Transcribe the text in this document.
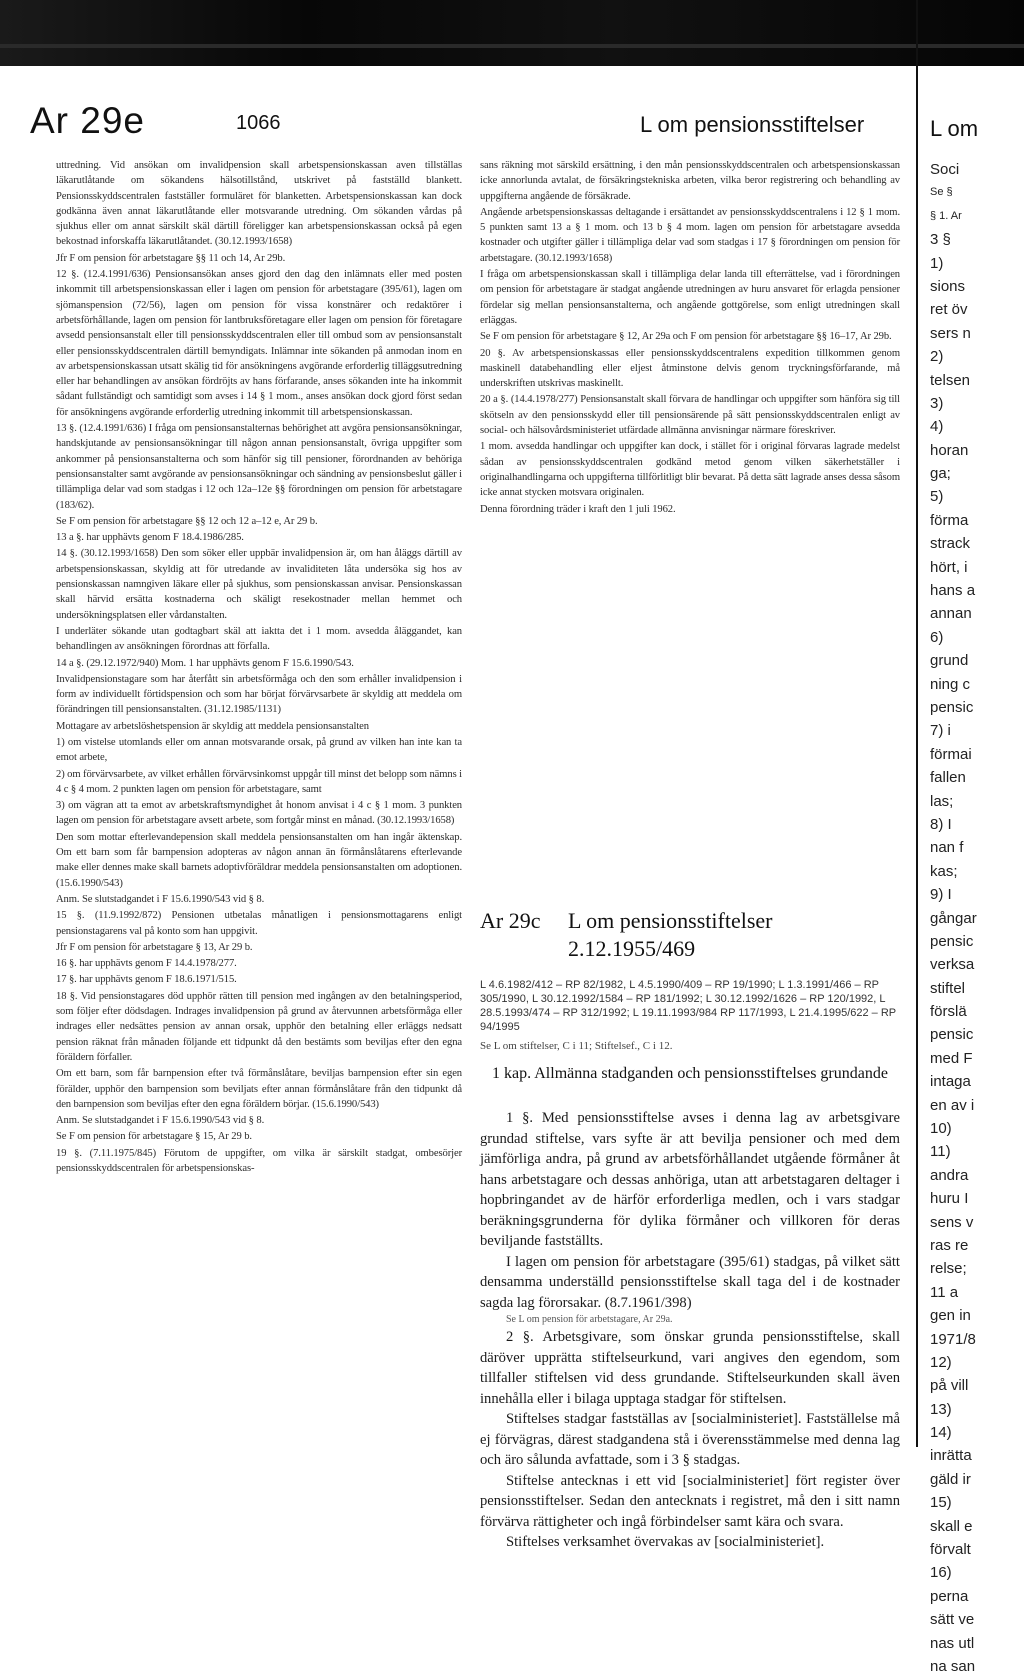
Ar 29e	1066	L om pensionsstiftelser	L om

uttredning. Vid ansökan om invalidpension skall arbetspensionskassan aven tillställas läkarutlåtande om sökandens hälsotillstånd, utskrivet på fastställd blankett. Pensionsskyddscentralen fastställer formuläret för blanketten. Arbetspensionskassan kan dock godkänna även annat läkarutlåtande eller motsvarande utredning. Om sökanden vårdas på sjukhus eller om annat särskilt skäl därtill föreligger kan arbetspensionskassan också på egen bekostnad inforskaffa läkarutlåtandet. (30.12.1993/1658)

Jfr F om pension för arbetstagare §§ 11 och 14, Ar 29b.

12 §. (12.4.1991/636) Pensionsansökan anses gjord den dag den inlämnats eller med posten inkommit till arbetspensionskassan eller i lagen om pension för arbetstagare (395/61), lagen om sjömanspension (72/56), lagen om pension för vissa konstnärer och redaktörer i arbetsförhållande, lagen om pension för lantbruksföretagare eller lagen om pension för företagare avsedd pensionsanstalt eller till pensionsskyddscentralen eller till ombud som av pensionsanstalt eller pensionsskyddscentralen därtill bemyndigats. Inlämnar inte sökanden på anmodan inom en av arbetspensionskassan utsatt skälig tid för ansökningens avgörande erforderlig tilläggsutredning eller har behandlingen av ansökan fördröjts av hans förfarande, anses sökanden inte ha inkommit sådant fullständigt och samtidigt som avses i 14 § 1 mom., anses ansökan dock gjord först sedan för ansökningens avgörande erforderlig utredning inkommit till arbetspensionskassan.

13 §. (12.4.1991/636) I fråga om pensionsanstalternas behörighet att avgöra pensionsansökningar, handskjutande av pensionsansökningar till någon annan pensionsanstalt, övriga uppgifter som ankommer på pensionsanstalterna och som hänför sig till pensioner, förordnanden av behöriga pensionsanstalter samt avgörande av pensionsansökningar och sändning av pensionsbeslut gäller i tillämpliga delar vad som stadgas i 12 och 12a–12e §§ förordningen om pension för arbetstagare (183/62).

Se F om pension för arbetstagare §§ 12 och 12 a–12 e, Ar 29 b.

13 a §. har upphävts genom F 18.4.1986/285.

14 §. (30.12.1993/1658) Den som söker eller uppbär invalidpension är, om han åläggs därtill av arbetspensionskassan, skyldig att för utredande av invaliditeten låta undersöka sig hos av pensionskassan namngiven läkare eller på sjukhus, som pensionskassan anvisar. Pensionskassan skall härvid ersätta kostnaderna och skäligt resekostnader mellan hemmet och undersökningsplatsen eller vårdanstalten.

I underläter sökande utan godtagbart skäl att iaktta det i 1 mom. avsedda åläggandet, kan behandlingen av ansökningen förordnas att förfalla.

14 a §. (29.12.1972/940) Mom. 1 har upphävts genom F 15.6.1990/543.

Invalidpensionstagare som har återfått sin arbetsförmåga och den som erhåller invalidpension i form av individuellt förtidspension och som har börjat förvärvsarbete är skyldig att meddela om förändringen till pensionsanstalten. (31.12.1985/1131)

Mottagare av arbetslöshetspension är skyldig att meddela pensionsanstalten

1) om vistelse utomlands eller om annan motsvarande orsak, på grund av vilken han inte kan ta emot arbete,

2) om förvärvsarbete, av vilket erhållen förvärvsinkomst uppgår till minst det belopp som nämns i 4 c § 4 mom. 2 punkten lagen om pension för arbetstagare, samt

3) om vägran att ta emot av arbetskraftsmyndighet åt honom anvisat i 4 c § 1 mom. 3 punkten lagen om pension för arbetstagare avsett arbete, som fortgår minst en månad. (30.12.1993/1658)

Den som mottar efterlevandepension skall meddela pensionsanstalten om han ingår äktenskap. Om ett barn som får barnpension adopteras av någon annan än förmånslåtarens efterlevande make eller dennes make skall barnets adoptivföräldrar meddela pensionsanstalten om adoptionen. (15.6.1990/543)

Anm. Se slutstadgandet i F 15.6.1990/543 vid § 8.

15 §. (11.9.1992/872) Pensionen utbetalas månatligen i pensionsmottagarens enligt pensionstagarens val på konto som han uppgivit.

Jfr F om pension för arbetstagare § 13, Ar 29 b.

16 §. har upphävts genom F 14.4.1978/277.

17 §. har upphävts genom F 18.6.1971/515.

18 §. Vid pensionstagares död upphör rätten till pension med ingången av den betalningsperiod, som följer efter dödsdagen. Indrages invalidpension på grund av återvunnen arbetsförmåga eller indrages eller nedsättes pension av annan orsak, upphör den betalning eller erläggs nedsatt pension räknat från månaden följande ett tidpunkt då den bestämts som beviljas efter den egna föräldern förfaller.

Om ett barn, som får barnpension efter två förmånslåtare, beviljas barnpension efter sin egen förälder, upphör den barnpension som beviljats efter annan förmånslåtare från den tidpunkt då den barnpension som beviljas efter den egna föräldern börjar. (15.6.1990/543)

Anm. Se slutstadgandet i F 15.6.1990/543 vid § 8.

Se F om pension för arbetstagare § 15, Ar 29 b.

19 §. (7.11.1975/845) Förutom de uppgifter, om vilka är särskilt stadgat, ombesörjer pensionsskyddscentralen för arbetspensionskas-

sans räkning mot särskild ersättning, i den mån pensionsskyddscentralen och arbetspensionskassan icke annorlunda avtalat, de försäkringstekniska arbeten, vilka beror registrering och behandling av uppgifterna angående de försäkrade.

Angående arbetspensionskassas deltagande i ersättandet av pensionsskyddscentralens i 12 § 1 mom. 5 punkten samt 13 a § 1 mom. och 13 b § 4 mom. lagen om pension för arbetstagare avsedda kostnader och utgifter gäller i tillämpliga delar vad som stadgas i 17 § förordningen om pension för arbetstagare. (30.12.1993/1658)

I fråga om arbetspensionskassan skall i tillämpliga delar landa till efterrättelse, vad i förordningen om pension för arbetstagare är stadgat angående utredningen av huru ansvaret för erlagda pensioner fördelar sig mellan pensionsanstalterna, och angående gottgörelse, som enligt utredningen skall erläggas.

Se F om pension för arbetstagare § 12, Ar 29a och F om pension för arbetstagare §§ 16–17, Ar 29b.

20 §. Av arbetspensionskassas eller pensionsskyddscentralens expedition tillkommen genom maskinell databehandling eller eljest åtminstone delvis genom tryckningsförfarande, må underskriften utskrivas maskinellt.

20 a §. (14.4.1978/277) Pensionsanstalt skall förvara de handlingar och uppgifter som hänföra sig till skötseln av den pensionsskydd eller till pensionsärende på sätt pensionsskyddscentralen enligt av social- och hälsovårdsministeriet utfärdade allmänna anvisningar närmare föreskriver.

1 mom. avsedda handlingar och uppgifter kan dock, i stället för i original förvaras lagrade medelst sådan av pensionsskyddscentralen godkänd metod genom vilken säkerhetställer i originalhandlingarna och uppgifterna tillförlitligt blir bevarat. På detta sätt lagrade anses dessa såsom icke annat stycken motsvara originalen.

Denna förordning träder i kraft den 1 juli 1962.

Ar 29c L om pensionsstiftelser
2.12.1955/469
L 4.6.1982/412 – RP 82/1982, L 4.5.1990/409 – RP 19/1990; L 1.3.1991/466 – RP 305/1990, L 30.12.1992/1584 – RP 181/1992; L 30.12.1992/1626 – RP 120/1992, L 28.5.1993/474 – RP 312/1992; L 19.11.1993/984 RP 117/1993, L 21.4.1995/622 – RP 94/1995
Se L om stiftelser, C i 11; Stiftelsef., C i 12.
1 kap. Allmänna stadganden och pensionsstiftelses grundande

1 §. Med pensionsstiftelse avses i denna lag av arbetsgivare grundad stiftelse, vars syfte är att bevilja pensioner och med dem jämförliga andra, på grund av arbetsförhållandet utgående förmåner åt hans arbetstagare och dessas anhöriga, utan att arbetstagaren deltager i hopbringandet av de härför erforderliga medlen, och i vars stadgar beräkningsgrunderna för dylika förmåner och villkoren för deras beviljande fastställts.

I lagen om pension för arbetstagare (395/61) stadgas, på vilket sätt densamma underställd pensionsstiftelse skall taga del i de kostnader sagda lag förorsakar. (8.7.1961/398)

Se L om pension för arbetstagare, Ar 29a.

2 §. Arbetsgivare, som önskar grunda pensionsstiftelse, skall däröver upprätta stiftelseurkund, vari angives den egendom, som tillfaller stiftelsen vid dess grundande. Stiftelseurkunden skall även innehålla eller i bilaga upptaga stadgar för stiftelsen.

Stiftelses stadgar fastställas av [socialministeriet]. Fastställelse må ej förvägras, därest stadgandena stå i överensstämmelse med denna lag och äro sålunda avfattade, som i 3 § stadgas.

Stiftelse antecknas i ett vid [socialministeriet] fört register över pensionsstiftelser. Sedan den antecknats i registret, må den i sitt namn förvärva rättigheter och ingå förbindelser samt kära och svara.

Stiftelses verksamhet övervakas av [socialministeriet].

Soci
Se §
§ 1. Ar
3 §
1)
sions
ret öv
sers n
2)
telsen
3)
4)
horan
ga;
5)
förma
strack
hört, i
hans a
annan
6)
grund
ning c
pensic
7) i
förmai
fallen
las;
8) I
nan f
kas;
9) I
gångar
pensic
verksa
stiftel
förslä
pensic
med F
intaga
en av i
10)
11)
andra
huru I
sens v
ras re
relse;
11 a
gen in
1971/8
12)
på vill
13)
14)
inrätta
gäld ir
15)
skall e
förvalt
16)
perna
sätt ve
nas utl
na san
